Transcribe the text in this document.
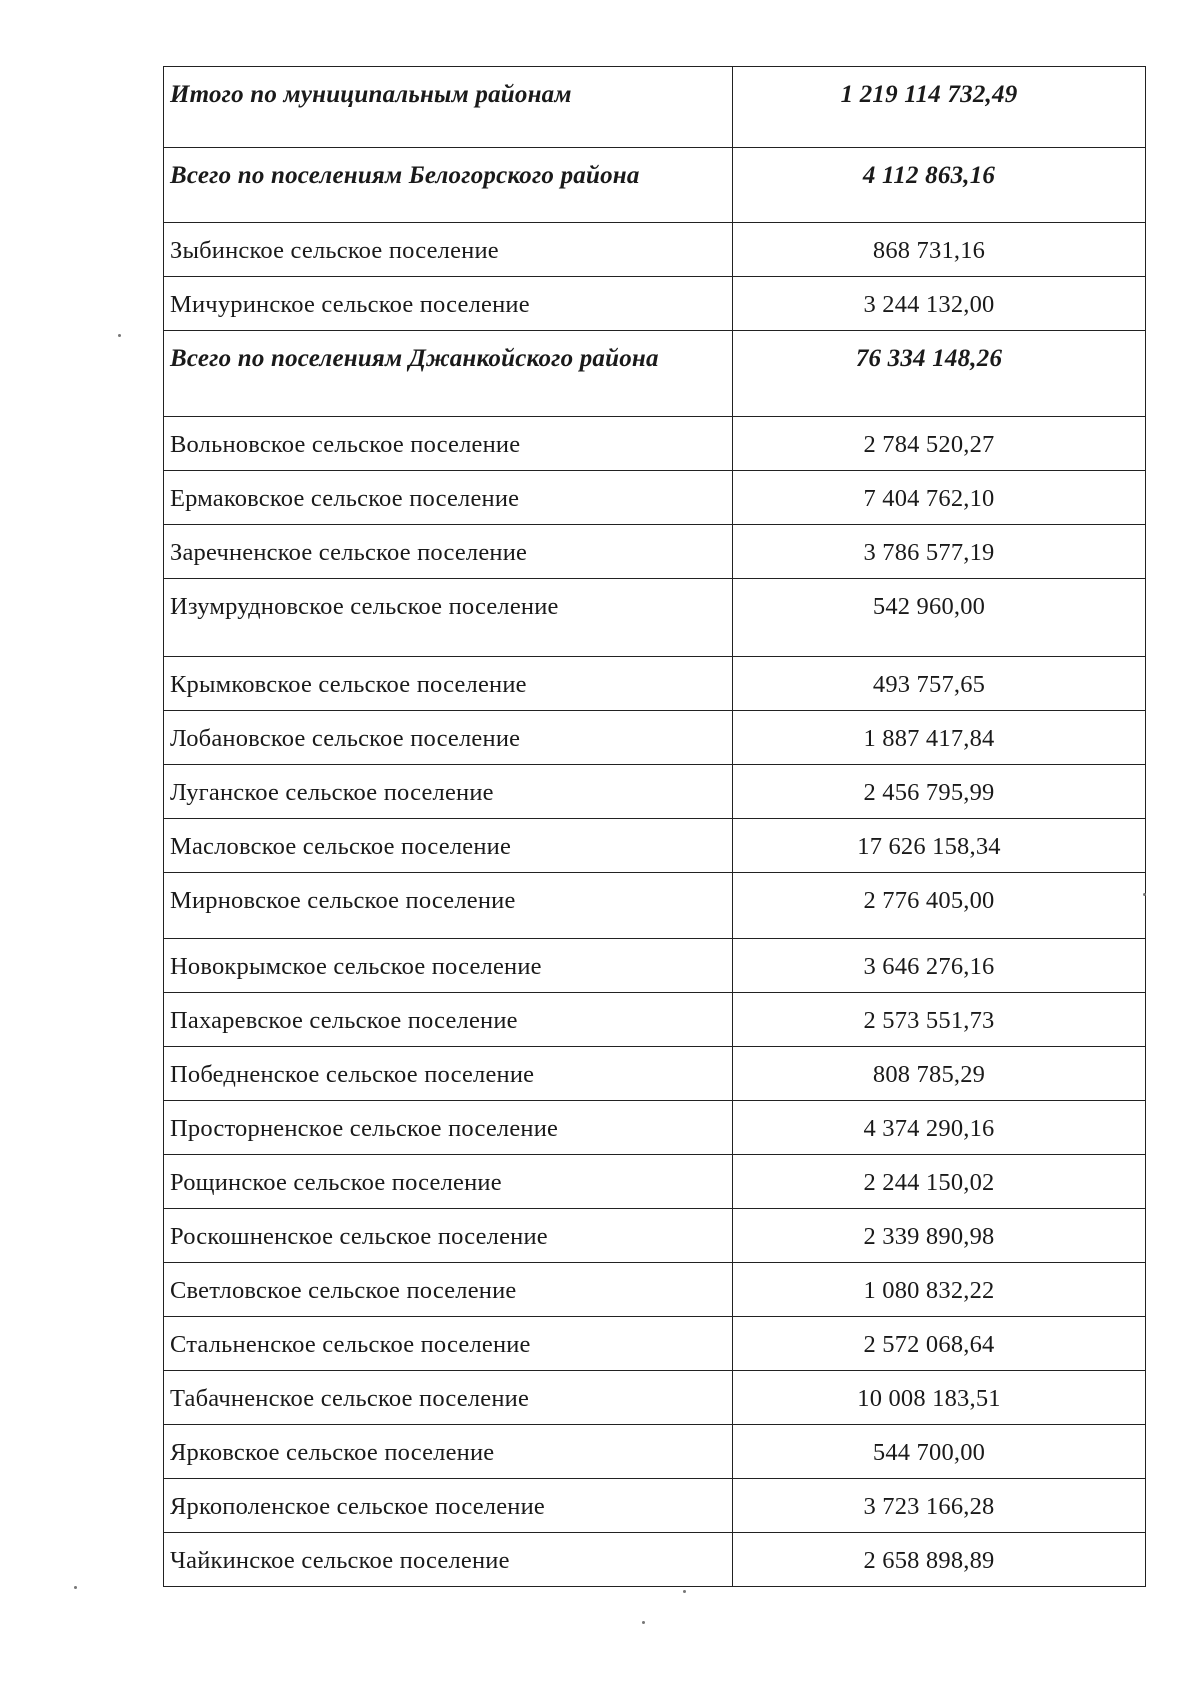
Итого по муниципальным районам	1 219 114 732,49
Всего по поселениям Белогорского района	4 112 863,16
Зыбинское сельское поселение	868 731,16
Мичуринское сельское поселение	3 244 132,00
Всего по поселениям Джанкойского района	76 334 148,26
Вольновское сельское поселение	2 784 520,27
Ермаковское сельское поселение	7 404 762,10
Заречненское сельское поселение	3 786 577,19
Изумрудновское сельское поселение	542 960,00
Крымковское сельское поселение	493 757,65
Лобановское сельское поселение	1 887 417,84
Луганское сельское поселение	2 456 795,99
Масловское сельское поселение	17 626 158,34
Мирновское сельское поселение	2 776 405,00
Новокрымское сельское поселение	3 646 276,16
Пахаревское сельское поселение	2 573 551,73
Победненское сельское поселение	808 785,29
Просторненское сельское поселение	4 374 290,16
Рощинское сельское поселение	2 244 150,02
Роскошненское сельское поселение	2 339 890,98
Светловское сельское поселение	1 080 832,22
Стальненское сельское поселение	2 572 068,64
Табачненское сельское поселение	10 008 183,51
Ярковское сельское поселение	544 700,00
Яркополенское сельское поселение	3 723 166,28
Чайкинское сельское поселение	2 658 898,89
